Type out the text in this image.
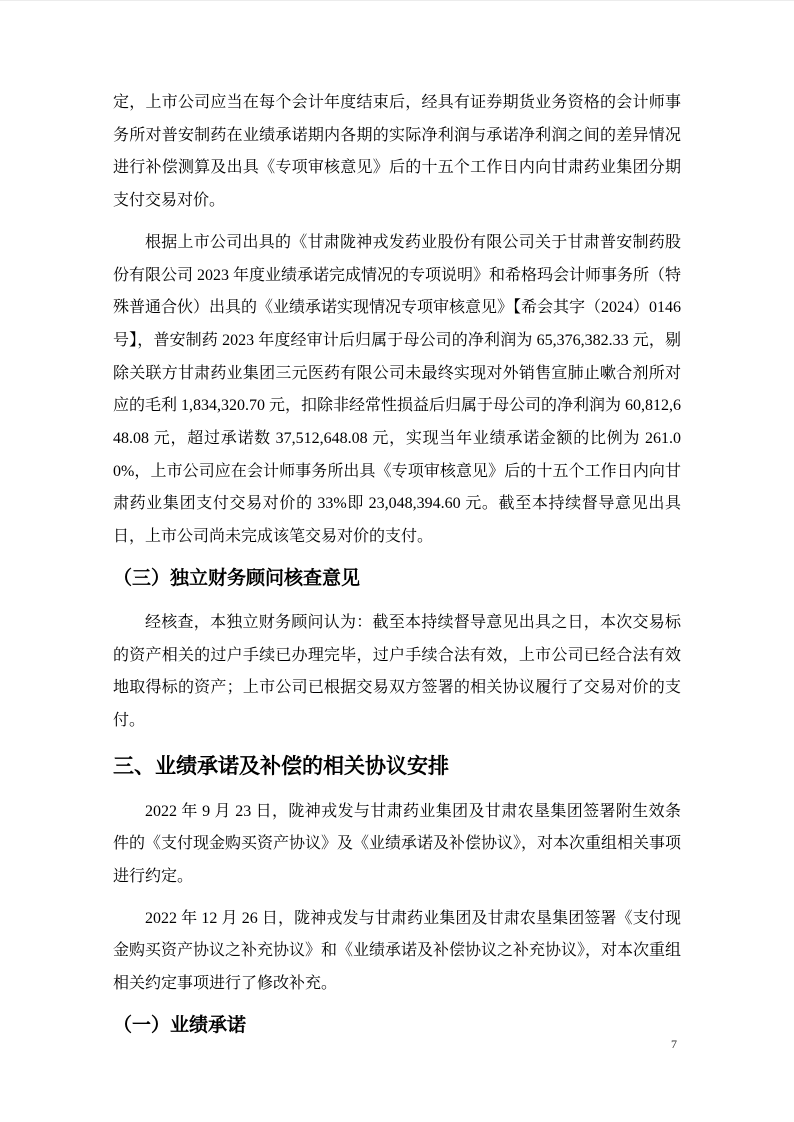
定，上市公司应当在每个会计年度结束后，经具有证券期货业务资格的会计师事务所对普安制药在业绩承诺期内各期的实际净利润与承诺净利润之间的差异情况进行补偿测算及出具《专项审核意见》后的十五个工作日内向甘肃药业集团分期支付交易对价。

根据上市公司出具的《甘肃陇神戎发药业股份有限公司关于甘肃普安制药股份有限公司 2023 年度业绩承诺完成情况的专项说明》和希格玛会计师事务所（特殊普通合伙）出具的《业绩承诺实现情况专项审核意见》【希会其字（2024）0146 号】，普安制药 2023 年度经审计后归属于母公司的净利润为 65,376,382.33 元，剔除关联方甘肃药业集团三元医药有限公司未最终实现对外销售宣肺止嗽合剂所对应的毛利 1,834,320.70 元，扣除非经常性损益后归属于母公司的净利润为 60,812,648.08 元，超过承诺数 37,512,648.08 元，实现当年业绩承诺金额的比例为 261.00%，上市公司应在会计师事务所出具《专项审核意见》后的十五个工作日内向甘肃药业集团支付交易对价的 33%即 23,048,394.60 元。截至本持续督导意见出具日，上市公司尚未完成该笔交易对价的支付。

（三）独立财务顾问核查意见

经核查，本独立财务顾问认为：截至本持续督导意见出具之日，本次交易标的资产相关的过户手续已办理完毕，过户手续合法有效，上市公司已经合法有效地取得标的资产；上市公司已根据交易双方签署的相关协议履行了交易对价的支付。

三、业绩承诺及补偿的相关协议安排

2022 年 9 月 23 日，陇神戎发与甘肃药业集团及甘肃农垦集团签署附生效条件的《支付现金购买资产协议》及《业绩承诺及补偿协议》，对本次重组相关事项进行约定。

2022 年 12 月 26 日，陇神戎发与甘肃药业集团及甘肃农垦集团签署《支付现金购买资产协议之补充协议》和《业绩承诺及补偿协议之补充协议》，对本次重组相关约定事项进行了修改补充。

（一）业绩承诺
7
